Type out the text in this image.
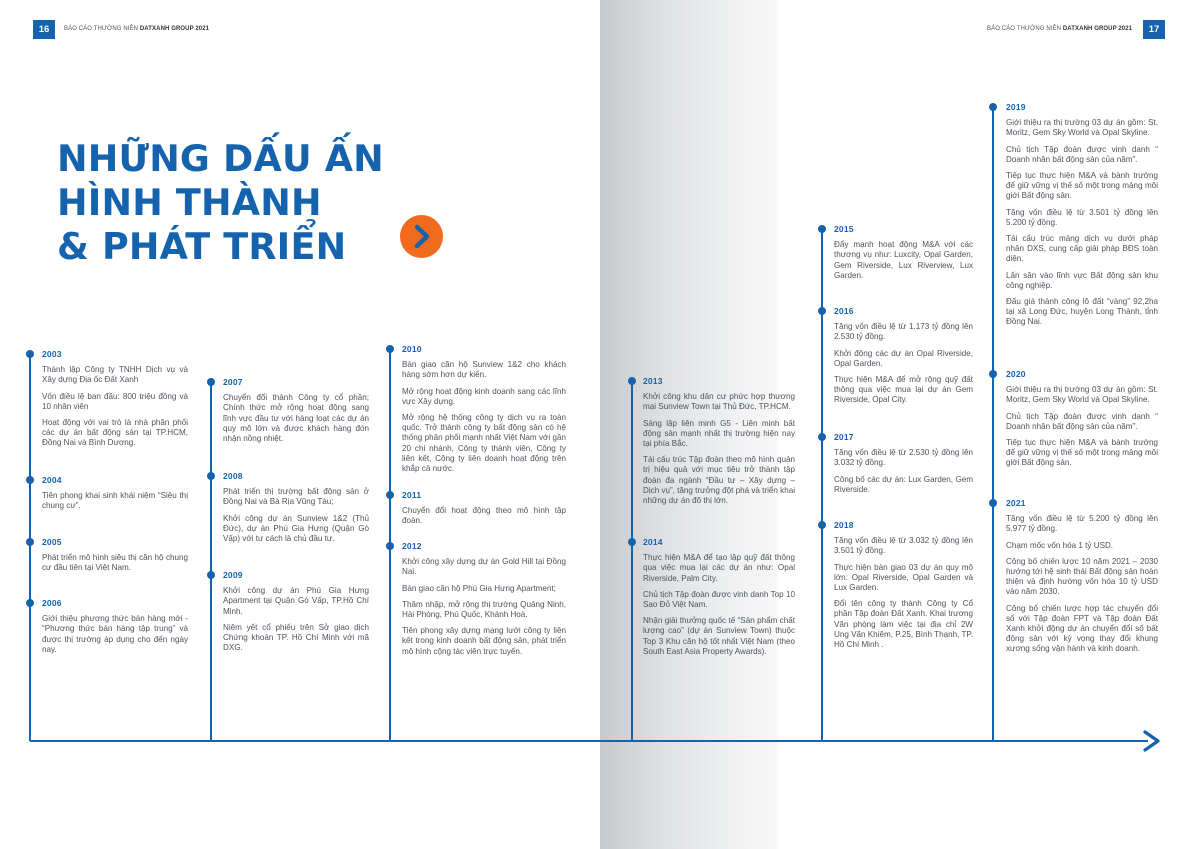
16	BÁO CÁO THƯỜNG NIÊN DATXANH GROUP 2021	BÁO CÁO THƯỜNG NIÊN DATXANH GROUP 2021	17
NHỮNG DẤU ẤN
HÌNH THÀNH
& PHÁT TRIỂN
2003

Thành lập Công ty TNHH Dịch vụ và Xây dựng Địa ốc Đất Xanh

Vốn điều lệ ban đầu: 800 triệu đồng và 10 nhân viên

Hoạt động với vai trò là nhà phân phối các dự án bất động sản tại TP.HCM, Đồng Nai và Bình Dương.

2004

Tiên phong khai sinh khái niệm “Siêu thị chung cư”.

2005

Phát triển mô hình siêu thị căn hộ chung cư đầu tiên tại Việt Nam.

2006

Giới thiệu phương thức bán hàng mới - “Phương thức bán hàng tập trung” và được thị trường áp dụng cho đến ngày nay.

2007

Chuyển đổi thành Công ty cổ phần; Chính thức mở rộng hoạt động sang lĩnh vực đầu tư với hàng loạt các dự án quy mô lớn và được khách hàng đón nhận nồng nhiệt.

2008

Phát triển thị trường bất động sản ở Đồng Nai và Bà Rịa Vũng Tàu;

Khởi công dự án Sunview 1&2 (Thủ Đức), dự án Phú Gia Hưng (Quận Gò Vấp) với tư cách là chủ đầu tư.

2009

Khởi công dự án Phú Gia Hưng Apartment tại Quận Gò Vấp, TP.Hồ Chí Minh.

Niêm yết cổ phiếu trên Sở giao dịch Chứng khoán TP. Hồ Chí Minh với mã DXG.

2010

Bàn giao căn hộ Sunview 1&2 cho khách hàng sớm hơn dự kiến.

Mở rộng hoạt động kinh doanh sang các lĩnh vực Xây dựng.

Mở rộng hệ thống công ty dịch vụ ra toàn quốc. Trở thành công ty bất động sản có hệ thống phân phối mạnh nhất Việt Nam với gần 20 chi nhánh, Công ty thành viên, Công ty liên kết, Công ty liên doanh hoạt động trên khắp cả nước.

2011

Chuyển đổi hoạt động theo mô hình tập đoàn.

2012

Khởi công xây dựng dự án Gold Hill tại Đồng Nai.

Bàn giao căn hộ Phú Gia Hưng Apartment;

Thâm nhập, mở rộng thị trường Quảng Ninh, Hải Phòng, Phú Quốc, Khánh Hoà.

Tiên phong xây dựng mạng lưới công ty liên kết trong kinh doanh bất động sản, phát triển mô hình cộng tác viên trực tuyến.

2013

Khởi công khu dân cư phức hợp thương mại Sunview Town tại Thủ Đức, TP.HCM.

Sáng lập liên minh G5 - Liên minh bất động sản mạnh nhất thị trường hiện nay tại phía Bắc.

Tái cấu trúc Tập đoàn theo mô hình quản trị hiệu quả với mục tiêu trở thành tập đoàn đa ngành “Đầu tư – Xây dựng – Dịch vụ”, tăng trưởng đột phá và triển khai những dự án đô thị lớn.

2014

Thực hiện M&A để tạo lập quỹ đất thông qua việc mua lại các dự án như: Opal Riverside, Palm City.

Chủ tịch Tập đoàn được vinh danh Top 10 Sao Đỏ Việt Nam.

Nhận giải thưởng quốc tế “Sản phẩm chất lượng cao” (dự án Sunview Town) thuộc Top 3 Khu căn hộ tốt nhất Việt Nam (theo South East Asia Property Awards).

2015

Đẩy mạnh hoạt động M&A với các thương vụ như: Luxcity, Opal Garden, Gem Riverside, Lux Riverview, Lux Garden.

2016

Tăng vốn điều lệ từ 1.173 tỷ đồng lên 2.530 tỷ đồng.

Khởi động các dự án Opal Riverside, Opal Garden.

Thực hiện M&A để mở rộng quỹ đất thông qua việc mua lại dự án Gem Riverside, Opal City.

2017

Tăng vốn điều lệ từ 2.530 tỷ đồng lên 3.032 tỷ đồng.

Công bố các dự án: Lux Garden, Gem Riverside.

2018

Tăng vốn điều lệ từ 3.032 tỷ đồng lên 3.501 tỷ đồng.

Thực hiện bàn giao 03 dự án quy mô lớn: Opal Riverside, Opal Garden và Lux Garden.

Đổi tên công ty thành Công ty Cổ phần Tập đoàn Đất Xanh. Khai trương Văn phòng làm việc tại địa chỉ 2W Ung Văn Khiêm, P.25, Bình Thạnh, TP. Hồ Chí Minh .

2019

Giới thiệu ra thị trường 03 dự án gồm: St. Moritz, Gem Sky World và Opal Skyline.

Chủ tịch Tập đoàn được vinh danh “ Doanh nhân bất động sản của năm”.

Tiếp tục thực hiện M&A và bành trướng để giữ vững vị thế số một trong mảng môi giới Bất động sản.

Tăng vốn điều lệ từ 3.501 tỷ đồng lên 5.200 tỷ đồng.

Tái cấu trúc mảng dịch vụ dưới pháp nhân DXS, cung cấp giải pháp BĐS toàn diện.

Lấn sân vào lĩnh vực Bất động sản khu công nghiệp.

Đấu giá thành công lô đất “vàng” 92,2ha tại xã Long Đức, huyện Long Thành, tỉnh Đồng Nai.

2020

Giới thiệu ra thị trường 03 dự án gồm: St. Moritz, Gem Sky World và Opal Skyline.

Chủ tịch Tập đoàn được vinh danh “ Doanh nhân bất động sản của năm”.

Tiếp tục thực hiện M&A và bành trướng để giữ vững vị thế số một trong mảng môi giới Bất động sản.

2021

Tăng vốn điều lệ từ 5.200 tỷ đồng lên 5.977 tỷ đồng.

Chạm mốc vốn hóa 1 tỷ USD.

Công bố chiến lược 10 năm 2021 – 2030 hướng tới hệ sinh thái Bất động sản hoàn thiện và định hướng vốn hóa 10 tỷ USD vào năm 2030.

Công bố chiến lược hợp tác chuyển đổi số với Tập đoàn FPT và Tập đoàn Đất Xanh khởi động dự án chuyển đổi số bất động sản với kỳ vọng thay đổi khung xương sống vận hành và kinh doanh.
